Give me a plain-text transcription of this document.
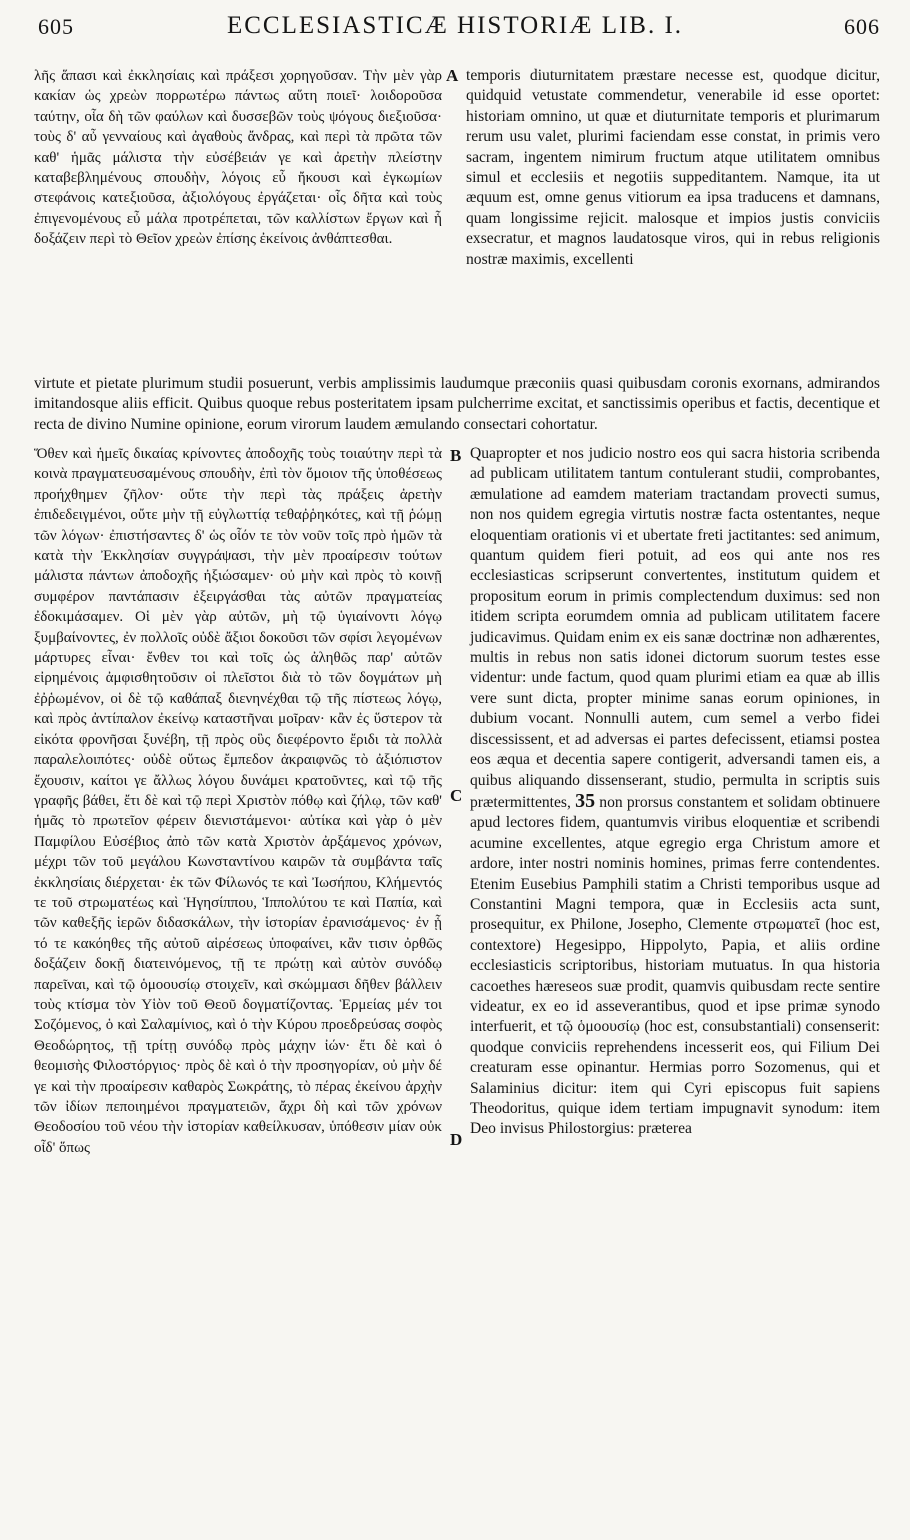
605	ECCLESIASTICÆ HISTORIÆ LIB. I.	606

λῆς ἅπασι καὶ ἐκκλησίαις καὶ πράξεσι χορηγοῦσαν. Τὴν μὲν γὰρ κακίαν ὡς χρεὼν πορρωτέρω πάντως αὕτη ποιεῖ· λοιδοροῦσα ταύτην, οἷα δὴ τῶν φαύλων καὶ δυσσεβῶν τοὺς ψόγους διεξιοῦσα· τοὺς δ' αὖ γενναίους καὶ ἀγαθοὺς ἄνδρας, καὶ περὶ τὰ πρῶτα τῶν καθ' ἡμᾶς μάλιστα τὴν εὐσέβειάν γε καὶ ἀρετὴν πλείστην καταβεβλημένους σπουδὴν, λόγοις εὖ ἤκουσι καὶ ἐγκωμίων στεφάνοις κατεξιοῦσα, ἀξιολόγους ἐργάζεται· οἷς δῆτα καὶ τοὺς ἐπιγενομένους εὖ μάλα προτρέπεται, τῶν καλλίστων ἔργων καὶ ἧ δοξάζειν περὶ τὸ Θεῖον χρεὼν ἐπίσης ἐκείνοις ἀνθάπτεσθαι.

A temporis diuturnitatem præstare necesse est, quodque dicitur, quidquid vetustate commendetur, venerabile id esse oportet: historiam omnino, ut quæ et diuturnitate temporis et plurimarum rerum usu valet, plurimi faciendam esse constat, in primis vero sacram, ingentem nimirum fructum atque utilitatem omnibus simul et ecclesiis et negotiis suppeditantem. Namque, ita ut æquum est, omne genus vitiorum ea ipsa traducens et damnans, quam longissime rejicit. malosque et impios justis conviciis exsecratur, et magnos laudatosque viros, qui in rebus religionis nostræ maximis, excellenti

virtute et pietate plurimum studii posuerunt, verbis amplissimis laudumque præconiis quasi quibusdam coronis exornans, admirandos imitandosque aliis efficit. Quibus quoque rebus posteritatem ipsam pulcherrime excitat, et sanctissimis operibus et factis, decentique et recta de divino Numine opinione, eorum virorum laudem æmulando consectari cohortatur.

Ὅθεν καὶ ἡμεῖς δικαίας κρίνοντες ἀποδοχῆς τοὺς τοιαύτην περὶ τὰ κοινὰ πραγματευσαμένους σπουδὴν, ἐπὶ τὸν ὅμοιον τῆς ὑποθέσεως προήχθημεν ζῆλον· οὔτε τὴν περὶ τὰς πράξεις ἀρετὴν ἐπιδεδειγμένοι, οὔτε μὴν τῇ εὐγλωττίᾳ τεθαῤῥηκότες, καὶ τῇ ῥώμῃ τῶν λόγων· ἐπιστήσαντες δ' ὡς οἷόν τε τὸν νοῦν τοῖς πρὸ ἡμῶν τὰ κατὰ τὴν Ἐκκλησίαν συγγράψασι, τὴν μὲν προαίρεσιν τούτων μάλιστα πάντων ἀποδοχῆς ἠξιώσαμεν· οὐ μὴν καὶ πρὸς τὸ κοινῇ συμφέρον παντάπασιν ἐξειργάσθαι τὰς αὐτῶν πραγματείας ἐδοκιμάσαμεν. Οἱ μὲν γὰρ αὐτῶν, μὴ τῷ ὑγιαίνοντι λόγῳ ξυμβαίνοντες, ἐν πολλοῖς οὐδὲ ἄξιοι δοκοῦσι τῶν σφίσι λεγομένων μάρτυρες εἶναι· ἔνθεν τοι καὶ τοῖς ὡς ἀληθῶς παρ' αὐτῶν εἰρημένοις ἀμφισθητοῦσιν οἱ πλεῖστοι διὰ τὸ τῶν δογμάτων μὴ ἐῤῥωμένον, οἱ δὲ τῷ καθάπαξ διενηνέχθαι τῷ τῆς πίστεως λόγῳ, καὶ πρὸς ἀντίπαλον ἐκείνῳ καταστῆναι μοῖραν· κἂν ἐς ὕστερον τὰ εἰκότα φρονῆσαι ξυνέβη, τῇ πρὸς οὓς διεφέροντο ἔριδι τὰ πολλὰ παραλελοιπότες· οὐδὲ οὕτως ἔμπεδον ἀκραιφνῶς τὸ ἀξιόπιστον ἔχουσιν, καίτοι γε ἄλλως λόγου δυνάμει κρατοῦντες, καὶ τῷ τῆς γραφῆς βάθει, ἔτι δὲ καὶ τῷ περὶ Χριστὸν πόθῳ καὶ ζήλῳ, τῶν καθ' ἡμᾶς τὸ πρωτεῖον φέρειν διενιστάμενοι· αὐτίκα καὶ γὰρ ὁ μὲν Παμφίλου Εὐσέβιος ἀπὸ τῶν κατὰ Χριστὸν ἀρξάμενος χρόνων, μέχρι τῶν τοῦ μεγάλου Κωνσταντίνου καιρῶν τὰ συμβάντα ταῖς ἐκκλησίαις διέρχεται· ἐκ τῶν Φίλωνός τε καὶ Ἰωσήπου, Κλήμεντός τε τοῦ στρωματέως καὶ Ἡγησίππου, Ἱππολύτου τε καὶ Παπία, καὶ τῶν καθεξῆς ἱερῶν διδασκάλων, τὴν ἱστορίαν ἐρανισάμενος· ἐν ᾗ τό τε κακόηθες τῆς αὐτοῦ αἱρέσεως ὑποφαίνει, κἂν τισιν ὀρθῶς δοξάζειν δοκῇ διατεινόμενος, τῇ τε πρώτῃ καὶ αὐτὸν συνόδῳ παρεῖναι, καὶ τῷ ὁμοουσίῳ στοιχεῖν, καὶ σκώμμασι δῆθεν βάλλειν τοὺς κτίσμα τὸν Υἱὸν τοῦ Θεοῦ δογματίζοντας. Ἑρμείας μέν τοι Σοζόμενος, ὁ καὶ Σαλαμίνιος, καὶ ὁ τὴν Κύρου προεδρεύσας σοφὸς Θεοδώρητος, τῇ τρίτῃ συνόδῳ πρὸς μάχην ἰών· ἔτι δὲ καὶ ὁ θεομισὴς Φιλοστόργιος· πρὸς δὲ καὶ ὁ τὴν προσηγορίαν, οὐ μὴν δέ γε καὶ τὴν προαίρεσιν καθαρὸς Σωκράτης, τὸ πέρας ἐκείνου ἀρχὴν τῶν ἰδίων πεποιημένοι πραγματειῶν, ἄχρι δὴ καὶ τῶν χρόνων Θεοδοσίου τοῦ νέου τὴν ἱστορίαν καθείλκυσαν, ὑπόθεσιν μίαν οὐκ οἶδ' ὅπως

B
C
D

Quapropter et nos judicio nostro eos qui sacra historia scribenda ad publicam utilitatem tantum contulerant studii, comprobantes, æmulatione ad eamdem materiam tractandam provecti sumus, non nos quidem egregia virtutis nostræ facta ostentantes, neque eloquentiam orationis vi et ubertate freti jactitantes: sed animum, quantum quidem fieri potuit, ad eos qui ante nos res ecclesiasticas scripserunt convertentes, institutum quidem et propositum eorum in primis complectendum duximus: sed non itidem scripta eorumdem omnia ad publicam utilitatem facere judicavimus. Quidam enim ex eis sanæ doctrinæ non adhærentes, multis in rebus non satis idonei dictorum suorum testes esse videntur: unde factum, quod quam plurimi etiam ea quæ ab illis vere sunt dicta, propter minime sanas eorum opiniones, in dubium vocant. Nonnulli autem, cum semel a verbo fidei discessissent, et ad adversas ei partes defecissent, etiamsi postea eos æqua et decentia sapere contigerit, adversandi tamen eis, a quibus aliquando dissenserant, studio, permulta in scriptis suis prætermittentes, 35 non prorsus constantem et solidam obtinuere apud lectores fidem, quantumvis viribus eloquentiæ et scribendi acumine excellentes, atque egregio erga Christum amore et ardore, inter nostri nominis homines, primas ferre contendentes. Etenim Eusebius Pamphili statim a Christi temporibus usque ad Constantini Magni tempora, quæ in Ecclesiis acta sunt, prosequitur, ex Philone, Josepho, Clemente στρωματεῖ (hoc est, contextore) Hegesippo, Hippolyto, Papia, et aliis ordine ecclesiasticis scriptoribus, historiam mutuatus. In qua historia cacoethes hæreseos suæ prodit, quamvis quibusdam recte sentire videatur, ex eo id asseverantibus, quod et ipse primæ synodo interfuerit, et τῷ ὁμοουσίῳ (hoc est, consubstantiali) consenserit: quodque conviciis reprehendens incesserit eos, qui Filium Dei creaturam esse opinantur. Hermias porro Sozomenus, qui et Salaminius dicitur: item qui Cyri episcopus fuit sapiens Theodoritus, quique idem tertiam impugnavit synodum: item Deo invisus Philostorgius: præterea
